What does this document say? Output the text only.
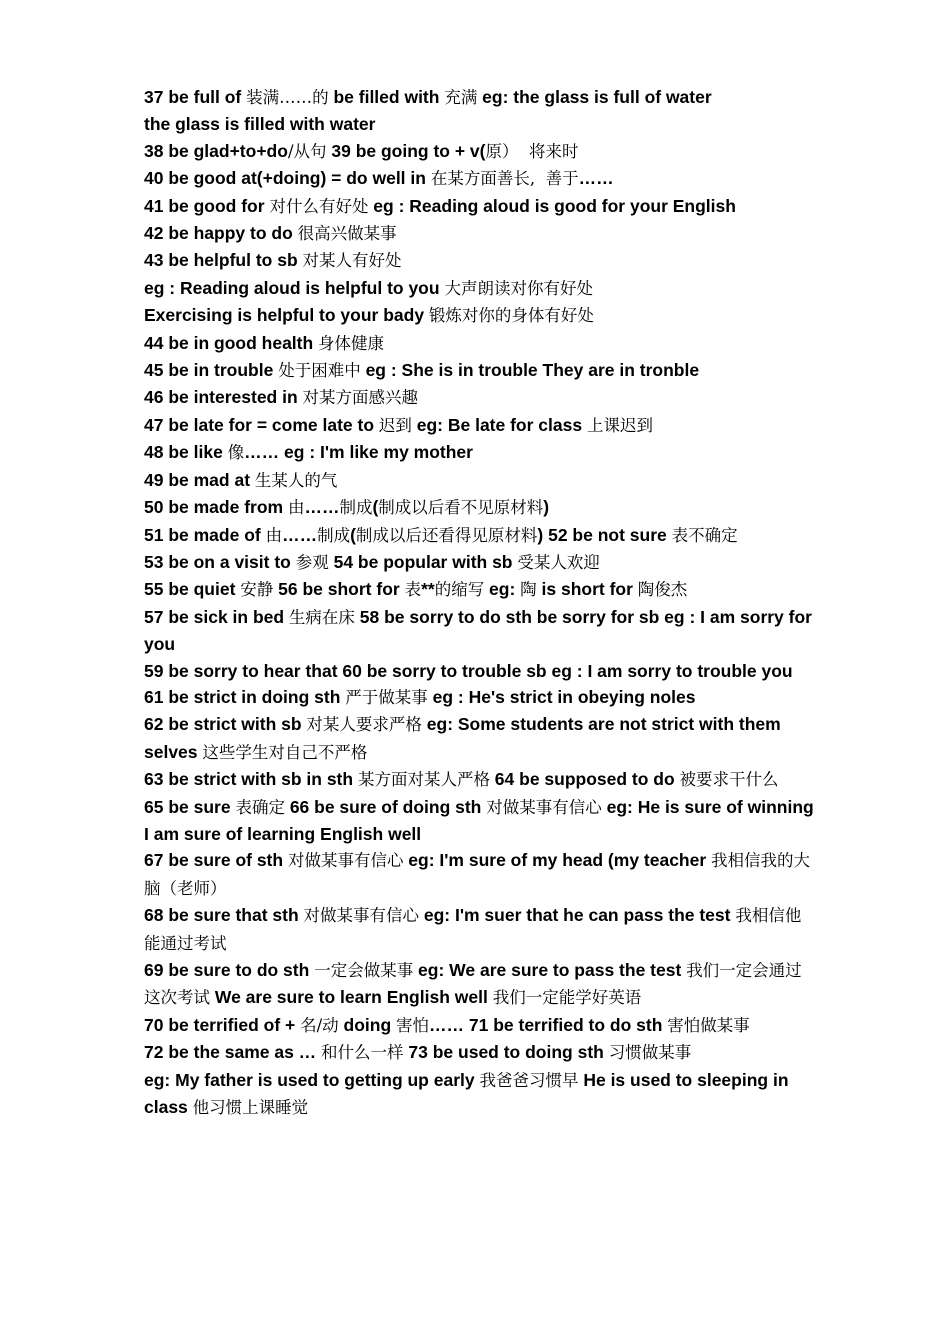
37 be full of 装满……的 be filled with 充满 eg: the glass is full of water
the glass is filled with water
38 be glad+to+do/从句 39 be going to + v(原）  将来时
40 be good at(+doing) = do well in 在某方面善长,  善于……
41 be good for 对什么有好处 eg : Reading aloud is good for your English
42 be happy to do 很高兴做某事
43 be helpful to sb 对某人有好处
eg : Reading aloud is helpful to you 大声朗读对你有好处
Exercising is helpful to your bady 锻炼对你的身体有好处
44 be in good health 身体健康
45 be in trouble 处于困难中 eg : She is in trouble They are in tronble
46 be interested in 对某方面感兴趣
47 be late for = come late to 迟到 eg: Be late for class 上课迟到
48 be like 像…… eg : I'm like my mother
49 be mad at 生某人的气
50 be made from 由……制成(制成以后看不见原材料)
51 be made of 由……制成(制成以后还看得见原材料) 52 be not sure 表不确定
53 be on a visit to 参观 54 be popular with sb 受某人欢迎
55 be quiet 安静 56 be short for 表**的缩写 eg: 陶 is short for 陶俊杰
57 be sick in bed 生病在床 58 be sorry to do sth be sorry for sb eg : I am sorry for you
59 be sorry to hear that 60 be sorry to trouble sb eg : I am sorry to trouble you
61 be strict in doing sth 严于做某事 eg : He's strict in obeying noles
62 be strict with sb 对某人要求严格 eg: Some students are not strict with them selves 这些学生对自己不严格
63 be strict with sb in sth 某方面对某人严格 64 be supposed to do 被要求干什么
65 be sure 表确定 66 be sure of doing sth 对做某事有信心 eg: He is sure of winning I am sure of learning English well
67 be sure of sth 对做某事有信心 eg: I'm sure of my head (my teacher 我相信我的大脑（老师）
68 be sure that sth 对做某事有信心 eg: I'm suer that he can pass the test 我相信他能通过考试
69 be sure to do sth 一定会做某事 eg: We are sure to pass the test 我们一定会通过这次考试 We are sure to learn English well 我们一定能学好英语
70 be terrified of + 名/动 doing 害怕…… 71 be terrified to do sth 害怕做某事
72 be the same as … 和什么一样 73 be used to doing sth 习惯做某事
eg: My father is used to getting up early 我爸爸习惯早 He is used to sleeping in class 他习惯上课睡觉
